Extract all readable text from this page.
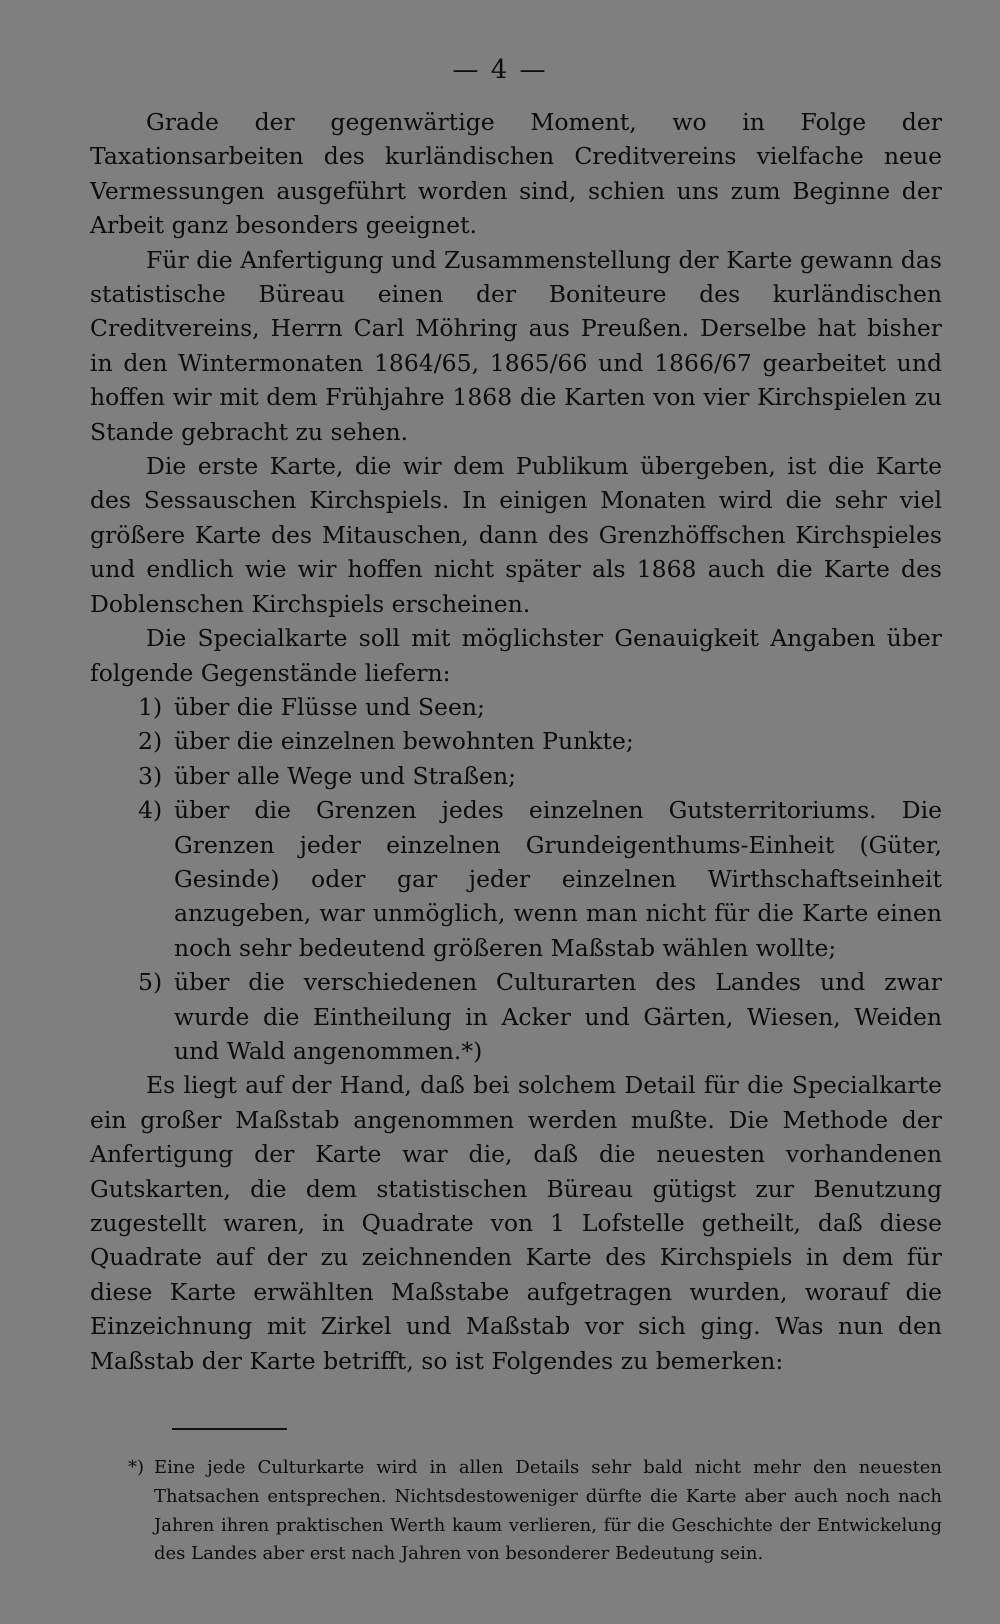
— 4 —

Grade der gegenwärtige Moment, wo in Folge der Taxationsarbeiten des kurländischen Creditvereins vielfache neue Vermessungen ausgeführt worden sind, schien uns zum Beginne der Arbeit ganz besonders geeignet.

Für die Anfertigung und Zusammenstellung der Karte gewann das statistische Büreau einen der Boniteure des kurländischen Creditvereins, Herrn Carl Möhring aus Preußen. Derselbe hat bisher in den Wintermonaten 1864/65, 1865/66 und 1866/67 gearbeitet und hoffen wir mit dem Frühjahre 1868 die Karten von vier Kirchspielen zu Stande gebracht zu sehen.

Die erste Karte, die wir dem Publikum übergeben, ist die Karte des Sessauschen Kirchspiels. In einigen Monaten wird die sehr viel größere Karte des Mitauschen, dann des Grenzhöffschen Kirchspieles und endlich wie wir hoffen nicht später als 1868 auch die Karte des Doblenschen Kirchspiels erscheinen.

Die Specialkarte soll mit möglichster Genauigkeit Angaben über folgende Gegenstände liefern:

1) über die Flüsse und Seen;
2) über die einzelnen bewohnten Punkte;
3) über alle Wege und Straßen;
4) über die Grenzen jedes einzelnen Gutsterritoriums. Die Grenzen jeder einzelnen Grundeigenthums-Einheit (Güter, Gesinde) oder gar jeder einzelnen Wirthschaftseinheit anzugeben, war unmöglich, wenn man nicht für die Karte einen noch sehr bedeutend größeren Maßstab wählen wollte;
5) über die verschiedenen Culturarten des Landes und zwar wurde die Eintheilung in Acker und Gärten, Wiesen, Weiden und Wald angenommen.*)

Es liegt auf der Hand, daß bei solchem Detail für die Specialkarte ein großer Maßstab angenommen werden mußte. Die Methode der Anfertigung der Karte war die, daß die neuesten vorhandenen Gutskarten, die dem statistischen Büreau gütigst zur Benutzung zugestellt waren, in Quadrate von 1 Lofstelle getheilt, daß diese Quadrate auf der zu zeichnenden Karte des Kirchspiels in dem für diese Karte erwählten Maßstabe aufgetragen wurden, worauf die Einzeichnung mit Zirkel und Maßstab vor sich ging. Was nun den Maßstab der Karte betrifft, so ist Folgendes zu bemerken:

*) Eine jede Culturkarte wird in allen Details sehr bald nicht mehr den neuesten Thatsachen entsprechen. Nichtsdestoweniger dürfte die Karte aber auch noch nach Jahren ihren praktischen Werth kaum verlieren, für die Geschichte der Entwickelung des Landes aber erst nach Jahren von besonderer Bedeutung sein.
